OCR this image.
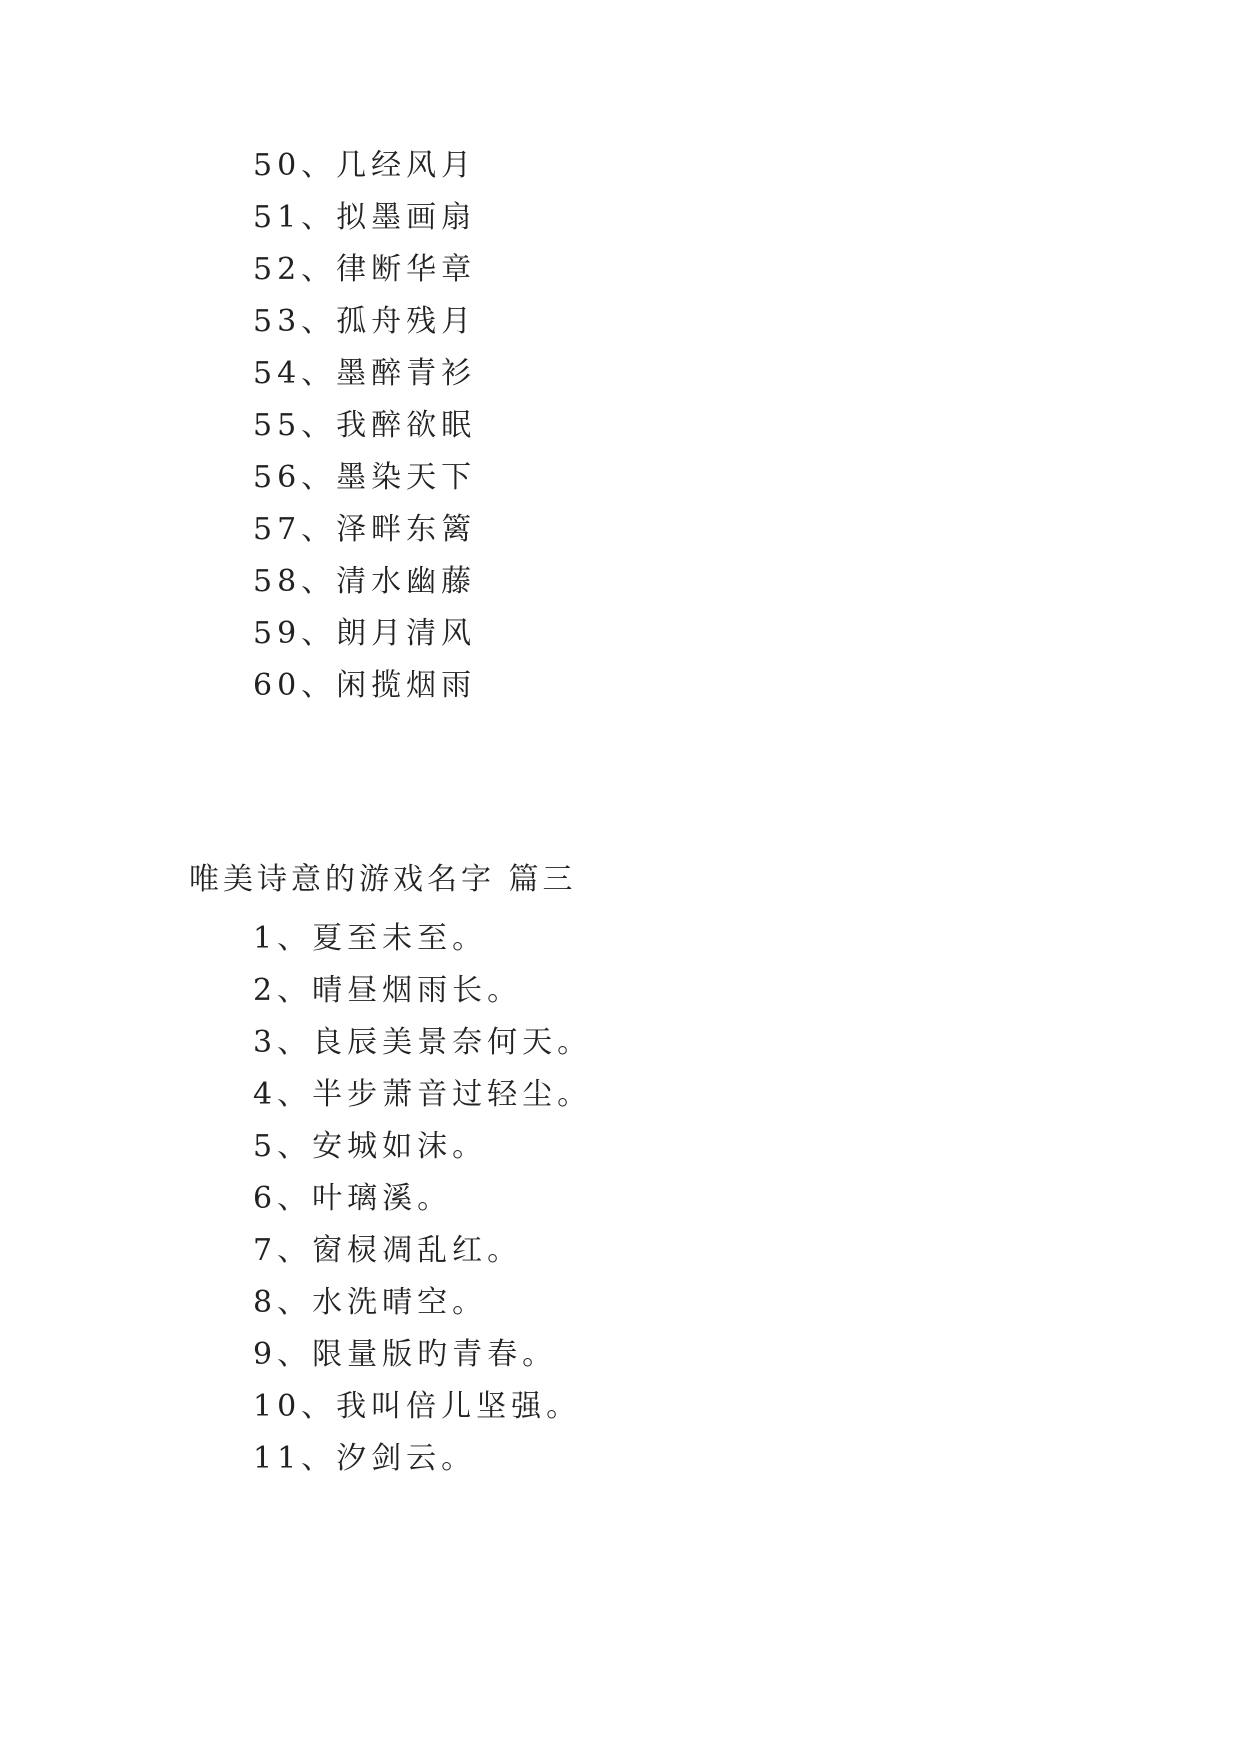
50、几经风月
51、拟墨画扇
52、律断华章
53、孤舟残月
54、墨醉青衫
55、我醉欲眠
56、墨染天下
57、泽畔东篱
58、清水幽藤
59、朗月清风
60、闲揽烟雨
唯美诗意的游戏名字 篇三
1、夏至未至。
2、晴昼烟雨长。
3、良辰美景奈何天。
4、半步萧音过轻尘。
5、安城如沫。
6、叶璃溪。
7、窗棂凋乱红。
8、水洗晴空。
9、限量版旳青春。
10、我叫倍儿坚强。
11、汐剑云。
